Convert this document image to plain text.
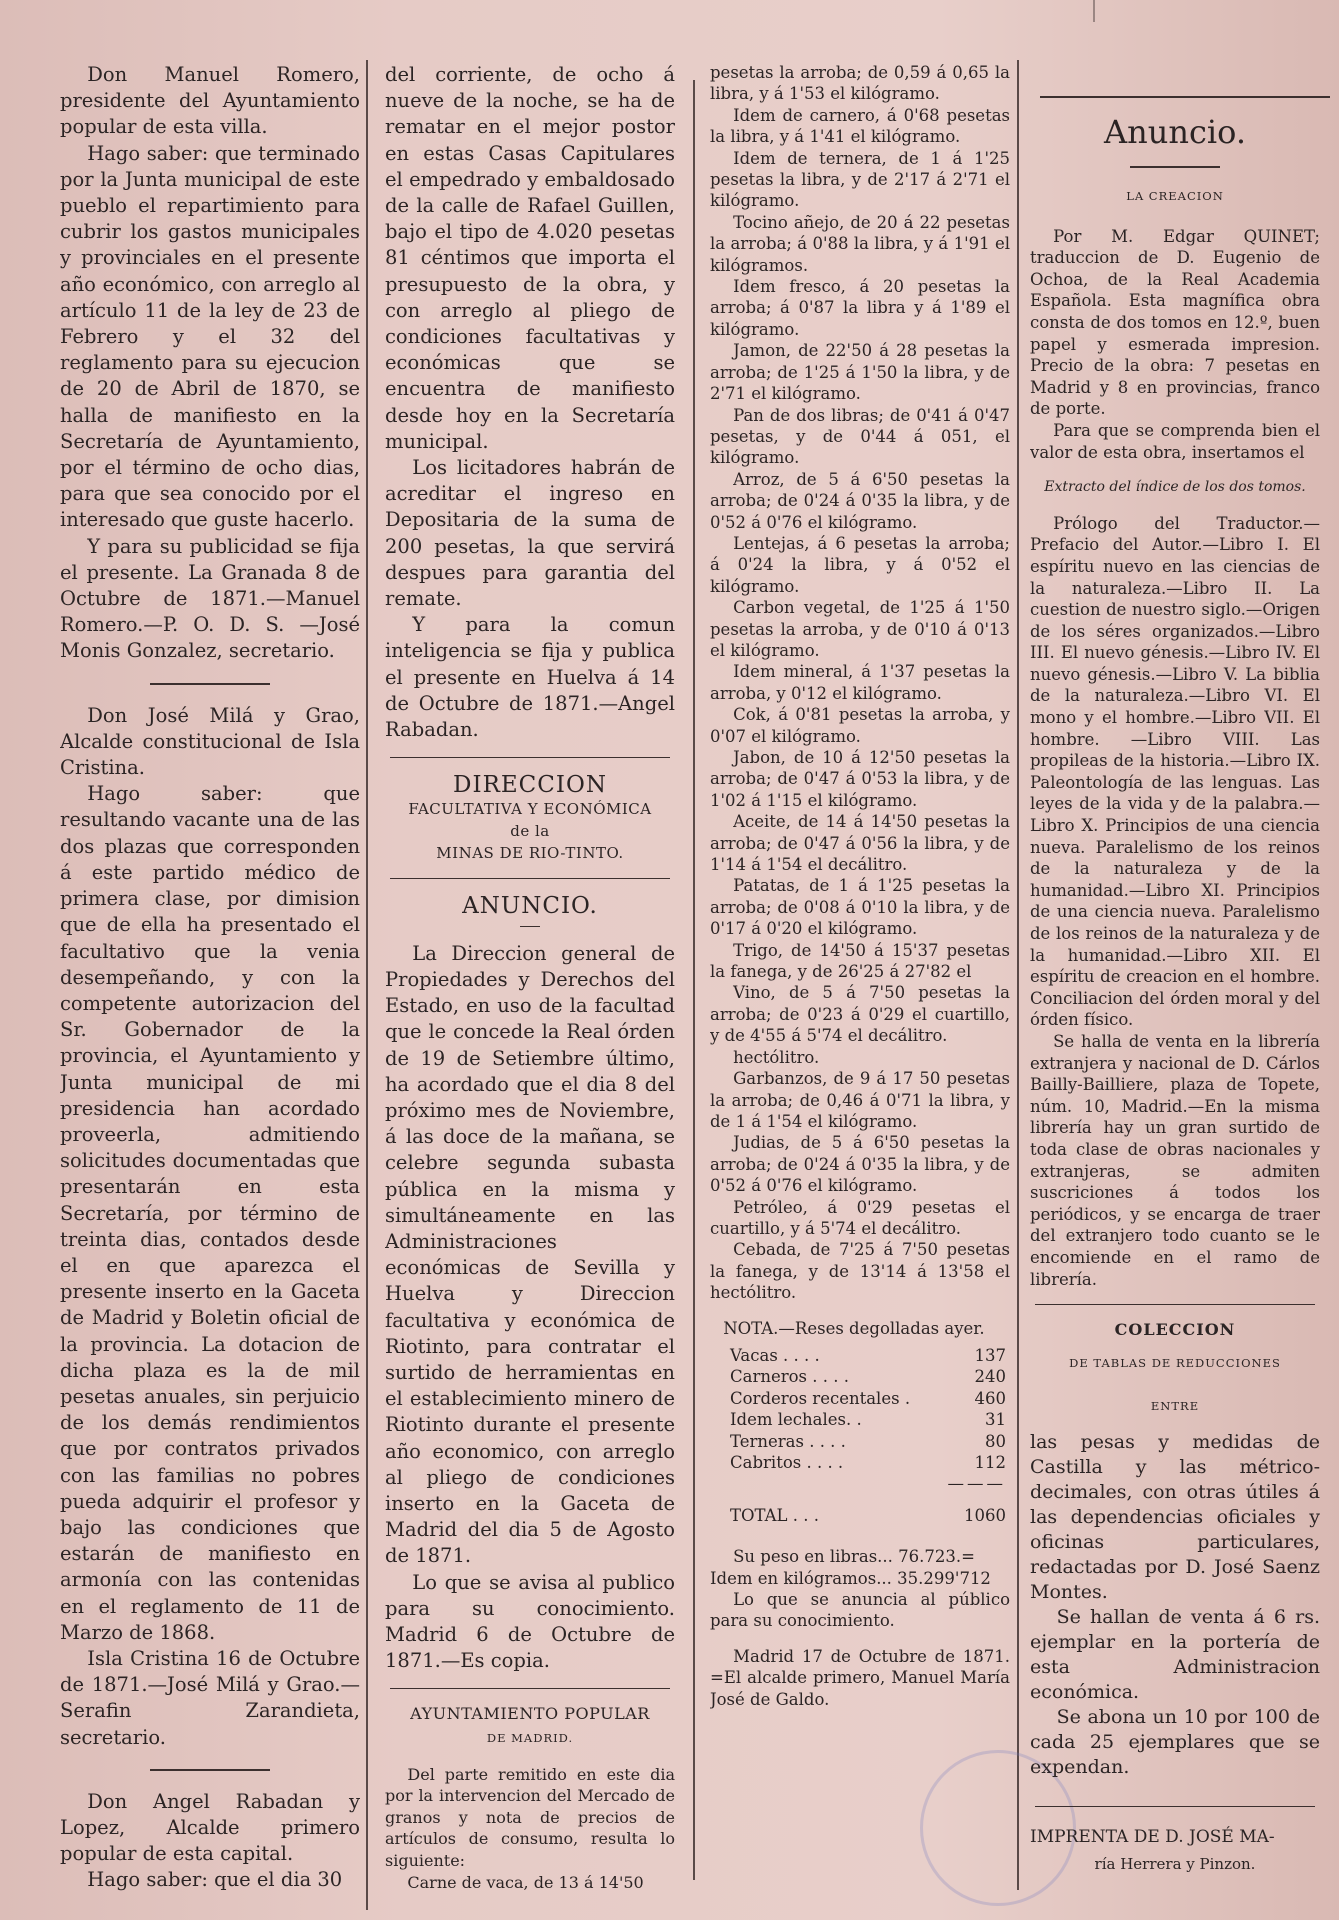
Don Manuel Romero, presidente del Ayuntamiento popular de esta villa.

Hago saber: que terminado por la Junta municipal de este pueblo el repartimiento para cubrir los gastos municipales y provinciales en el presente año económico, con arreglo al artículo 11 de la ley de 23 de Febrero y el 32 del reglamento para su ejecucion de 20 de Abril de 1870, se halla de manifiesto en la Secretaría de Ayuntamiento, por el término de ocho dias, para que sea conocido por el interesado que guste hacerlo.

Y para su publicidad se fija el presente. La Granada 8 de Octubre de 1871.—Manuel Romero.—P. O. D. S. —José Monis Gonzalez, secretario.

Don José Milá y Grao, Alcalde constitucional de Isla Cristina.

Hago saber: que resultando vacante una de las dos plazas que corresponden á este partido médico de primera clase, por dimision que de ella ha presentado el facultativo que la venia desempeñando, y con la competente autorizacion del Sr. Gobernador de la provincia, el Ayuntamiento y Junta municipal de mi presidencia han acordado proveerla, admitiendo solicitudes documentadas que presentarán en esta Secretaría, por término de treinta dias, contados desde el en que aparezca el presente inserto en la Gaceta de Madrid y Boletin oficial de la provincia. La dotacion de dicha plaza es la de mil pesetas anuales, sin perjuicio de los demás rendimientos que por contratos privados con las familias no pobres pueda adquirir el profesor y bajo las condiciones que estarán de manifiesto en armonía con las contenidas en el reglamento de 11 de Marzo de 1868.

Isla Cristina 16 de Octubre de 1871.—José Milá y Grao.—Serafin Zarandieta, secretario.

Don Angel Rabadan y Lopez, Alcalde primero popular de esta capital.

Hago saber: que el dia 30

del corriente, de ocho á nueve de la noche, se ha de rematar en el mejor postor en estas Casas Capitulares el empedrado y embaldosado de la calle de Rafael Guillen, bajo el tipo de 4.020 pesetas 81 céntimos que importa el presupuesto de la obra, y con arreglo al pliego de condiciones facultativas y económicas que se encuentra de manifiesto desde hoy en la Secretaría municipal.

Los licitadores habrán de acreditar el ingreso en Depositaria de la suma de 200 pesetas, la que servirá despues para garantia del remate.

Y para la comun inteligencia se fija y publica el presente en Huelva á 14 de Octubre de 1871.—Angel Rabadan.

DIRECCION

FACULTATIVA Y ECONÓMICA

de la

MINAS DE RIO-TINTO.

ANUNCIO.

La Direccion general de Propiedades y Derechos del Estado, en uso de la facultad que le concede la Real órden de 19 de Setiembre último, ha acordado que el dia 8 del próximo mes de Noviembre, á las doce de la mañana, se celebre segunda subasta pública en la misma y simultáneamente en las Administraciones económicas de Sevilla y Huelva y Direccion facultativa y económica de Riotinto, para contratar el surtido de herramientas en el establecimiento minero de Riotinto durante el presente año economico, con arreglo al pliego de condiciones inserto en la Gaceta de Madrid del dia 5 de Agosto de 1871.

Lo que se avisa al publico para su conocimiento. Madrid 6 de Octubre de 1871.—Es copia.

AYUNTAMIENTO POPULAR

DE MADRID.

Del parte remitido en este dia por la intervencion del Mercado de granos y nota de precios de artículos de consumo, resulta lo siguiente:

Carne de vaca, de 13 á 14'50

pesetas la arroba; de 0,59 á 0,65 la libra, y á 1'53 el kilógramo.

Idem de carnero, á 0'68 pesetas la libra, y á 1'41 el kilógramo.

Idem de ternera, de 1 á 1'25 pesetas la libra, y de 2'17 á 2'71 el kilógramo.

Tocino añejo, de 20 á 22 pesetas la arroba; á 0'88 la libra, y á 1'91 el kilógramos.

Idem fresco, á 20 pesetas la arroba; á 0'87 la libra y á 1'89 el kilógramo.

Jamon, de 22'50 á 28 pesetas la arroba; de 1'25 á 1'50 la libra, y de 2'71 el kilógramo.

Pan de dos libras; de 0'41 á 0'47 pesetas, y de 0'44 á 051, el kilógramo.

Arroz, de 5 á 6'50 pesetas la arroba; de 0'24 á 0'35 la libra, y de 0'52 á 0'76 el kilógramo.

Lentejas, á 6 pesetas la arroba; á 0'24 la libra, y á 0'52 el kilógramo.

Carbon vegetal, de 1'25 á 1'50 pesetas la arroba, y de 0'10 á 0'13 el kilógramo.

Idem mineral, á 1'37 pesetas la arroba, y 0'12 el kilógramo.

Cok, á 0'81 pesetas la arroba, y 0'07 el kilógramo.

Jabon, de 10 á 12'50 pesetas la arroba; de 0'47 á 0'53 la libra, y de 1'02 á 1'15 el kilógramo.

Aceite, de 14 á 14'50 pesetas la arroba; de 0'47 á 0'56 la libra, y de 1'14 á 1'54 el decálitro.

Patatas, de 1 á 1'25 pesetas la arroba; de 0'08 á 0'10 la libra, y de 0'17 á 0'20 el kilógramo.

Trigo, de 14'50 á 15'37 pesetas la fanega, y de 26'25 á 27'82 el

Vino, de 5 á 7'50 pesetas la arroba; de 0'23 á 0'29 el cuartillo, y de 4'55 á 5'74 el decálitro.

hectólitro.

Garbanzos, de 9 á 17 50 pesetas la arroba; de 0,46 á 0'71 la libra, y de 1 á 1'54 el kilógramo.

Judias, de 5 á 6'50 pesetas la arroba; de 0'24 á 0'35 la libra, y de 0'52 á 0'76 el kilógramo.

Petróleo, á 0'29 pesetas el cuartillo, y á 5'74 el decálitro.

Cebada, de 7'25 á 7'50 pesetas la fanega, y de 13'14 á 13'58 el hectólitro.

NOTA.—Reses degolladas ayer.

Vacas . . . .	137
Carneros . . . .	240
Corderos recentales .	460
Idem lechales. .	31
Terneras . . . .	80
Cabritos . . . .	112
	———
TOTAL . . .	1060

Su peso en libras... 76.723.=

Idem en kilógramos... 35.299'712

Lo que se anuncia al público para su conocimiento.

Madrid 17 de Octubre de 1871. =El alcalde primero, Manuel María José de Galdo.

Anuncio.

LA CREACION

Por M. Edgar QUINET; traduccion de D. Eugenio de Ochoa, de la Real Academia Española. Esta magnífica obra consta de dos tomos en 12.º, buen papel y esmerada impresion. Precio de la obra: 7 pesetas en Madrid y 8 en provincias, franco de porte.

Para que se comprenda bien el valor de esta obra, insertamos el

Extracto del índice de los dos tomos.

Prólogo del Traductor.—Prefacio del Autor.—Libro I. El espíritu nuevo en las ciencias de la naturaleza.—Libro II. La cuestion de nuestro siglo.—Origen de los séres organizados.—Libro III. El nuevo génesis.—Libro IV. El nuevo génesis.—Libro V. La biblia de la naturaleza.—Libro VI. El mono y el hombre.—Libro VII. El hombre. —Libro VIII. Las propileas de la historia.—Libro IX. Paleontología de las lenguas. Las leyes de la vida y de la palabra.—Libro X. Principios de una ciencia nueva. Paralelismo de los reinos de la naturaleza y de la humanidad.—Libro XI. Principios de una ciencia nueva. Paralelismo de los reinos de la naturaleza y de la humanidad.—Libro XII. El espíritu de creacion en el hombre. Conciliacion del órden moral y del órden físico.

Se halla de venta en la librería extranjera y nacional de D. Cárlos Bailly-Bailliere, plaza de Topete, núm. 10, Madrid.—En la misma librería hay un gran surtido de toda clase de obras nacionales y extranjeras, se admiten suscriciones á todos los periódicos, y se encarga de traer del extranjero todo cuanto se le encomiende en el ramo de librería.

COLECCION

DE TABLAS DE REDUCCIONES

ENTRE

las pesas y medidas de Castilla y las métrico-decimales, con otras útiles á las dependencias oficiales y oficinas particulares, redactadas por D. José Saenz Montes.

Se hallan de venta á 6 rs. ejemplar en la portería de esta Administracion económica.

Se abona un 10 por 100 de cada 25 ejemplares que se expendan.

IMPRENTA DE D. JOSÉ MA-

ría Herrera y Pinzon.
